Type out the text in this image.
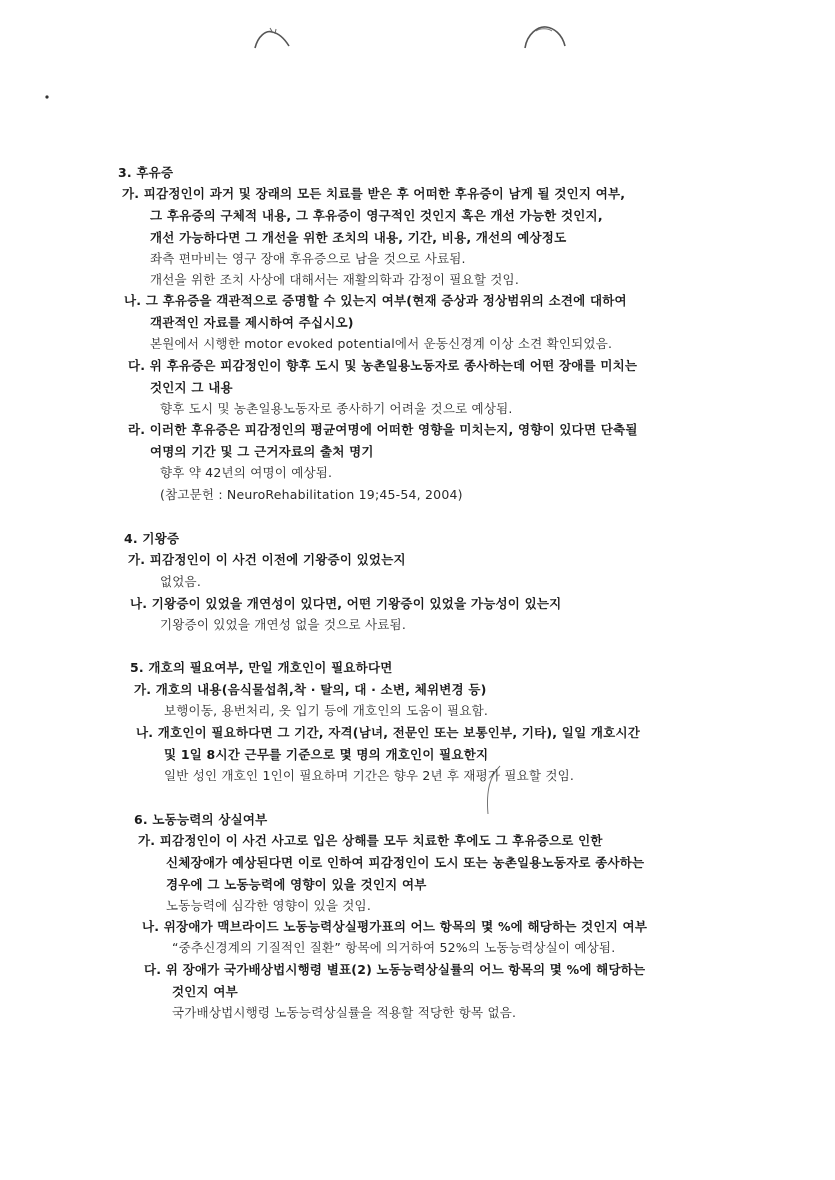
3. 후유증
가. 피감정인이 과거 및 장래의 모든 치료를 받은 후 어떠한 후유증이 남게 될 것인지 여부,
그 후유증의 구체적 내용, 그 후유증이 영구적인 것인지 혹은 개선 가능한 것인지,
개선 가능하다면 그 개선을 위한 조치의 내용, 기간, 비용, 개선의 예상정도
좌측 편마비는 영구 장애 후유증으로 남을 것으로 사료됨.
개선을 위한 조치 사상에 대해서는 재활의학과 감정이 필요할 것임.
나. 그 후유증을 객관적으로 증명할 수 있는지 여부(현재 증상과 정상범위의 소견에 대하여
객관적인 자료를 제시하여 주십시오)
본원에서 시행한 motor evoked potential에서 운동신경계 이상 소견 확인되었음.
다. 위 후유증은 피감정인이 향후 도시 및 농촌일용노동자로 종사하는데 어떤 장애를 미치는
것인지 그 내용
향후 도시 및 농촌일용노동자로 종사하기 어려울 것으로 예상됨.
라. 이러한 후유증은 피감정인의 평균여명에 어떠한 영향을 미치는지, 영향이 있다면 단축될
여명의 기간 및 그 근거자료의 출처 명기
향후 약 42년의 여명이 예상됨.
(참고문헌 : NeuroRehabilitation 19;45-54, 2004)
4. 기왕증
가. 피감정인이 이 사건 이전에 기왕증이 있었는지
없었음.
나. 기왕증이 있었을 개연성이 있다면, 어떤 기왕증이 있었을 가능성이 있는지
기왕증이 있었을 개연성 없을 것으로 사료됨.
5. 개호의 필요여부, 만일 개호인이 필요하다면
가. 개호의 내용(음식물섭취,착 · 탈의, 대 · 소변, 체위변경 등)
보행이동, 용번처리, 옷 입기 등에 개호인의 도움이 필요함.
나. 개호인이 필요하다면 그 기간, 자격(남녀, 전문인 또는 보통인부, 기타), 일일 개호시간
및 1일 8시간 근무를 기준으로 몇 명의 개호인이 필요한지
일반 성인 개호인 1인이 필요하며 기간은 향우 2년 후 재평가 필요할 것임.
6. 노동능력의 상실여부
가. 피감정인이 이 사건 사고로 입은 상해를 모두 치료한 후에도 그 후유증으로 인한
신체장애가 예상된다면 이로 인하여 피감정인이 도시 또는 농촌일용노동자로 종사하는
경우에 그 노동능력에 영향이 있을 것인지 여부
노동능력에 심각한 영향이 있을 것임.
나. 위장애가 맥브라이드 노동능력상실평가표의 어느 항목의 몇 %에 해당하는 것인지 여부
“중추신경계의 기질적인 질환” 항목에 의거하여 52%의 노동능력상실이 예상됨.
다. 위 장애가 국가배상법시행령 별표(2) 노동능력상실률의 어느 항목의 몇 %에 해당하는
것인지 여부
국가배상법시행령 노동능력상실률을 적용할 적당한 항목 없음.
